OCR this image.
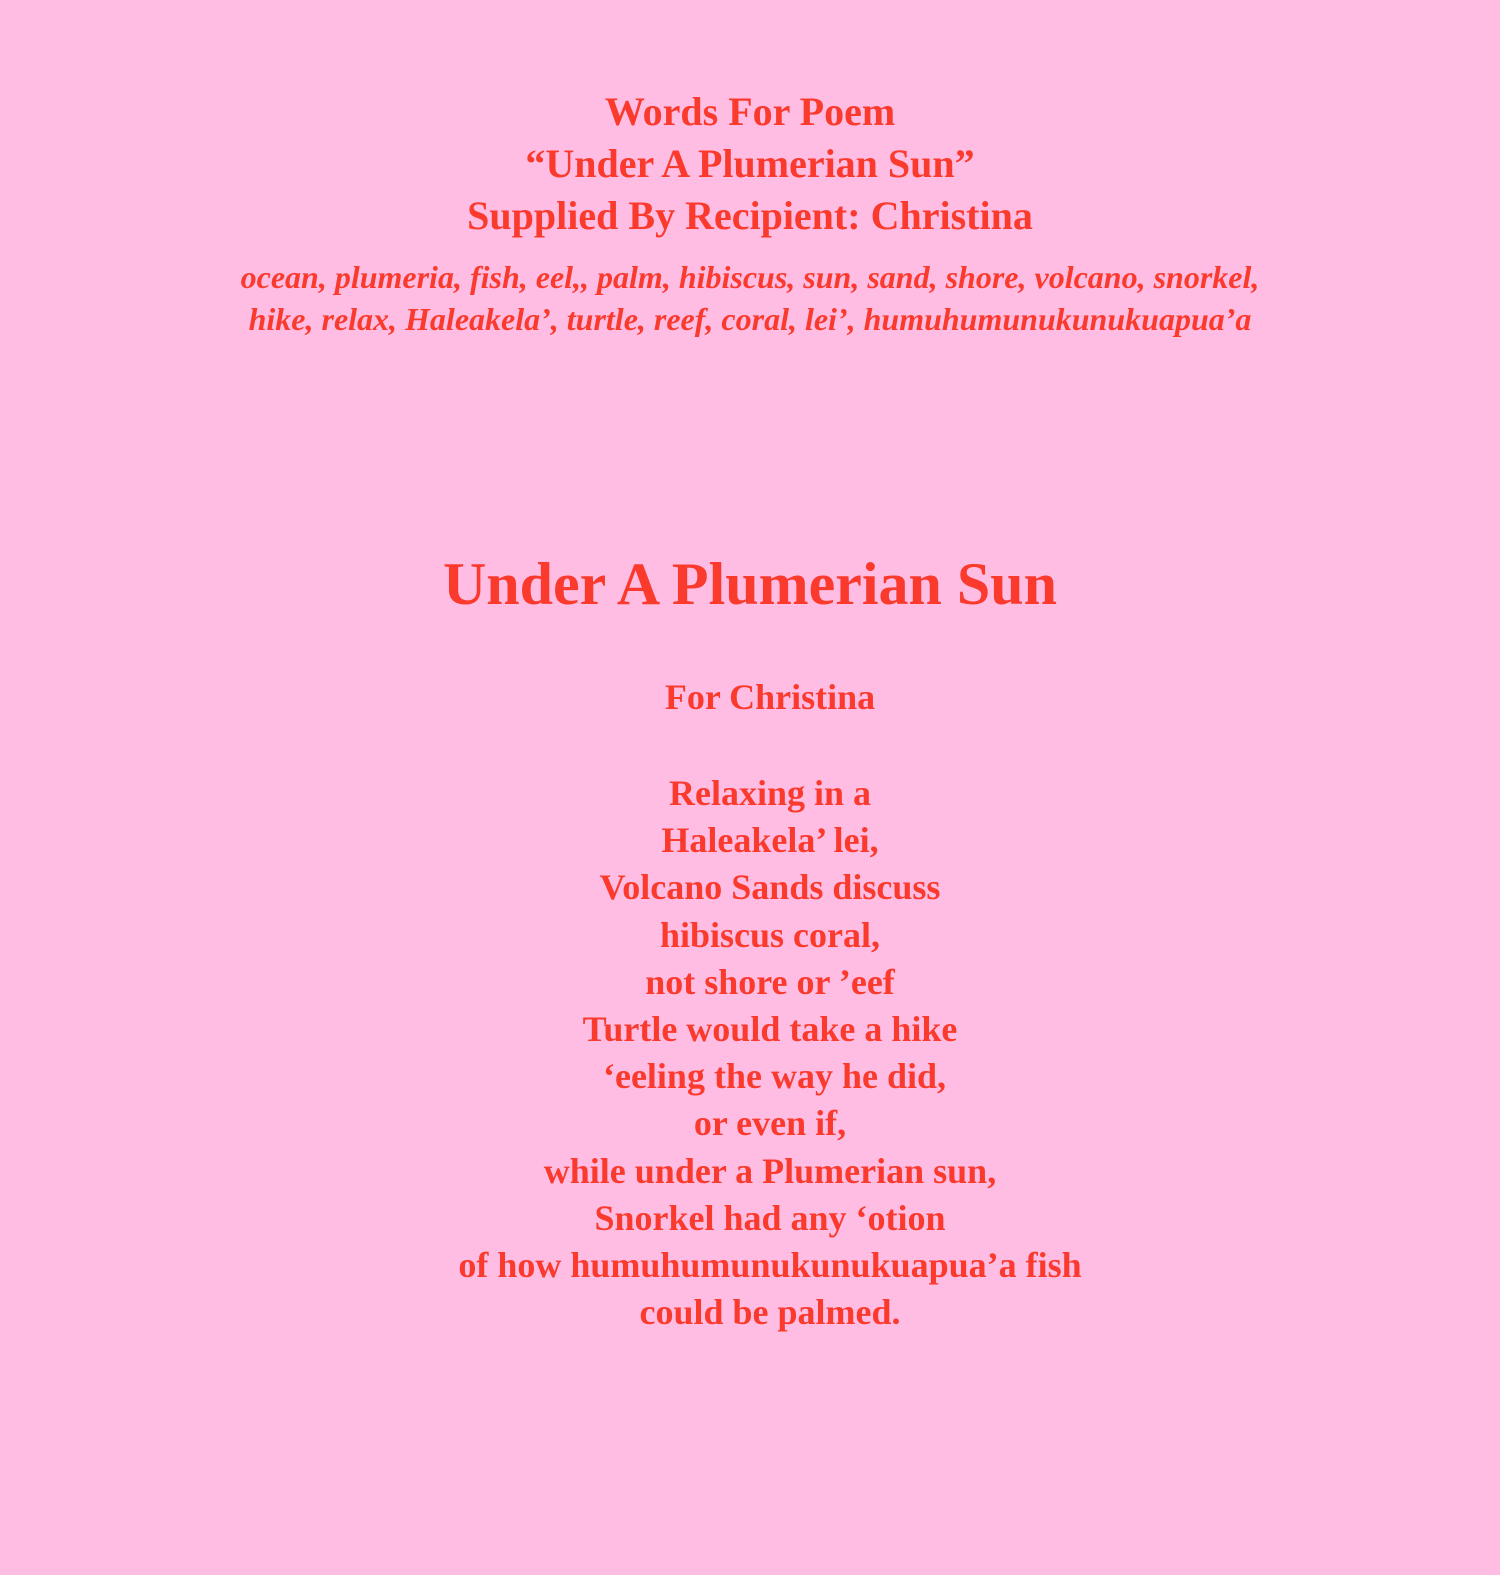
Words For Poem
“Under A Plumerian Sun”
Supplied By Recipient: Christina
ocean, plumeria, fish, eel,, palm, hibiscus, sun, sand, shore, volcano, snorkel,
hike, relax, Haleakela’, turtle, reef, coral, lei’, humuhumunukunukuapua’a
Under A Plumerian Sun
For Christina
Relaxing in a
Haleakela’ lei,
Volcano Sands discuss
hibiscus coral,
not shore or ’eef
Turtle would take a hike
‘eeling the way he did,
or even if,
while under a Plumerian sun,
Snorkel had any ‘otion
of how humuhumunukunukuapua’a fish
could be palmed.
